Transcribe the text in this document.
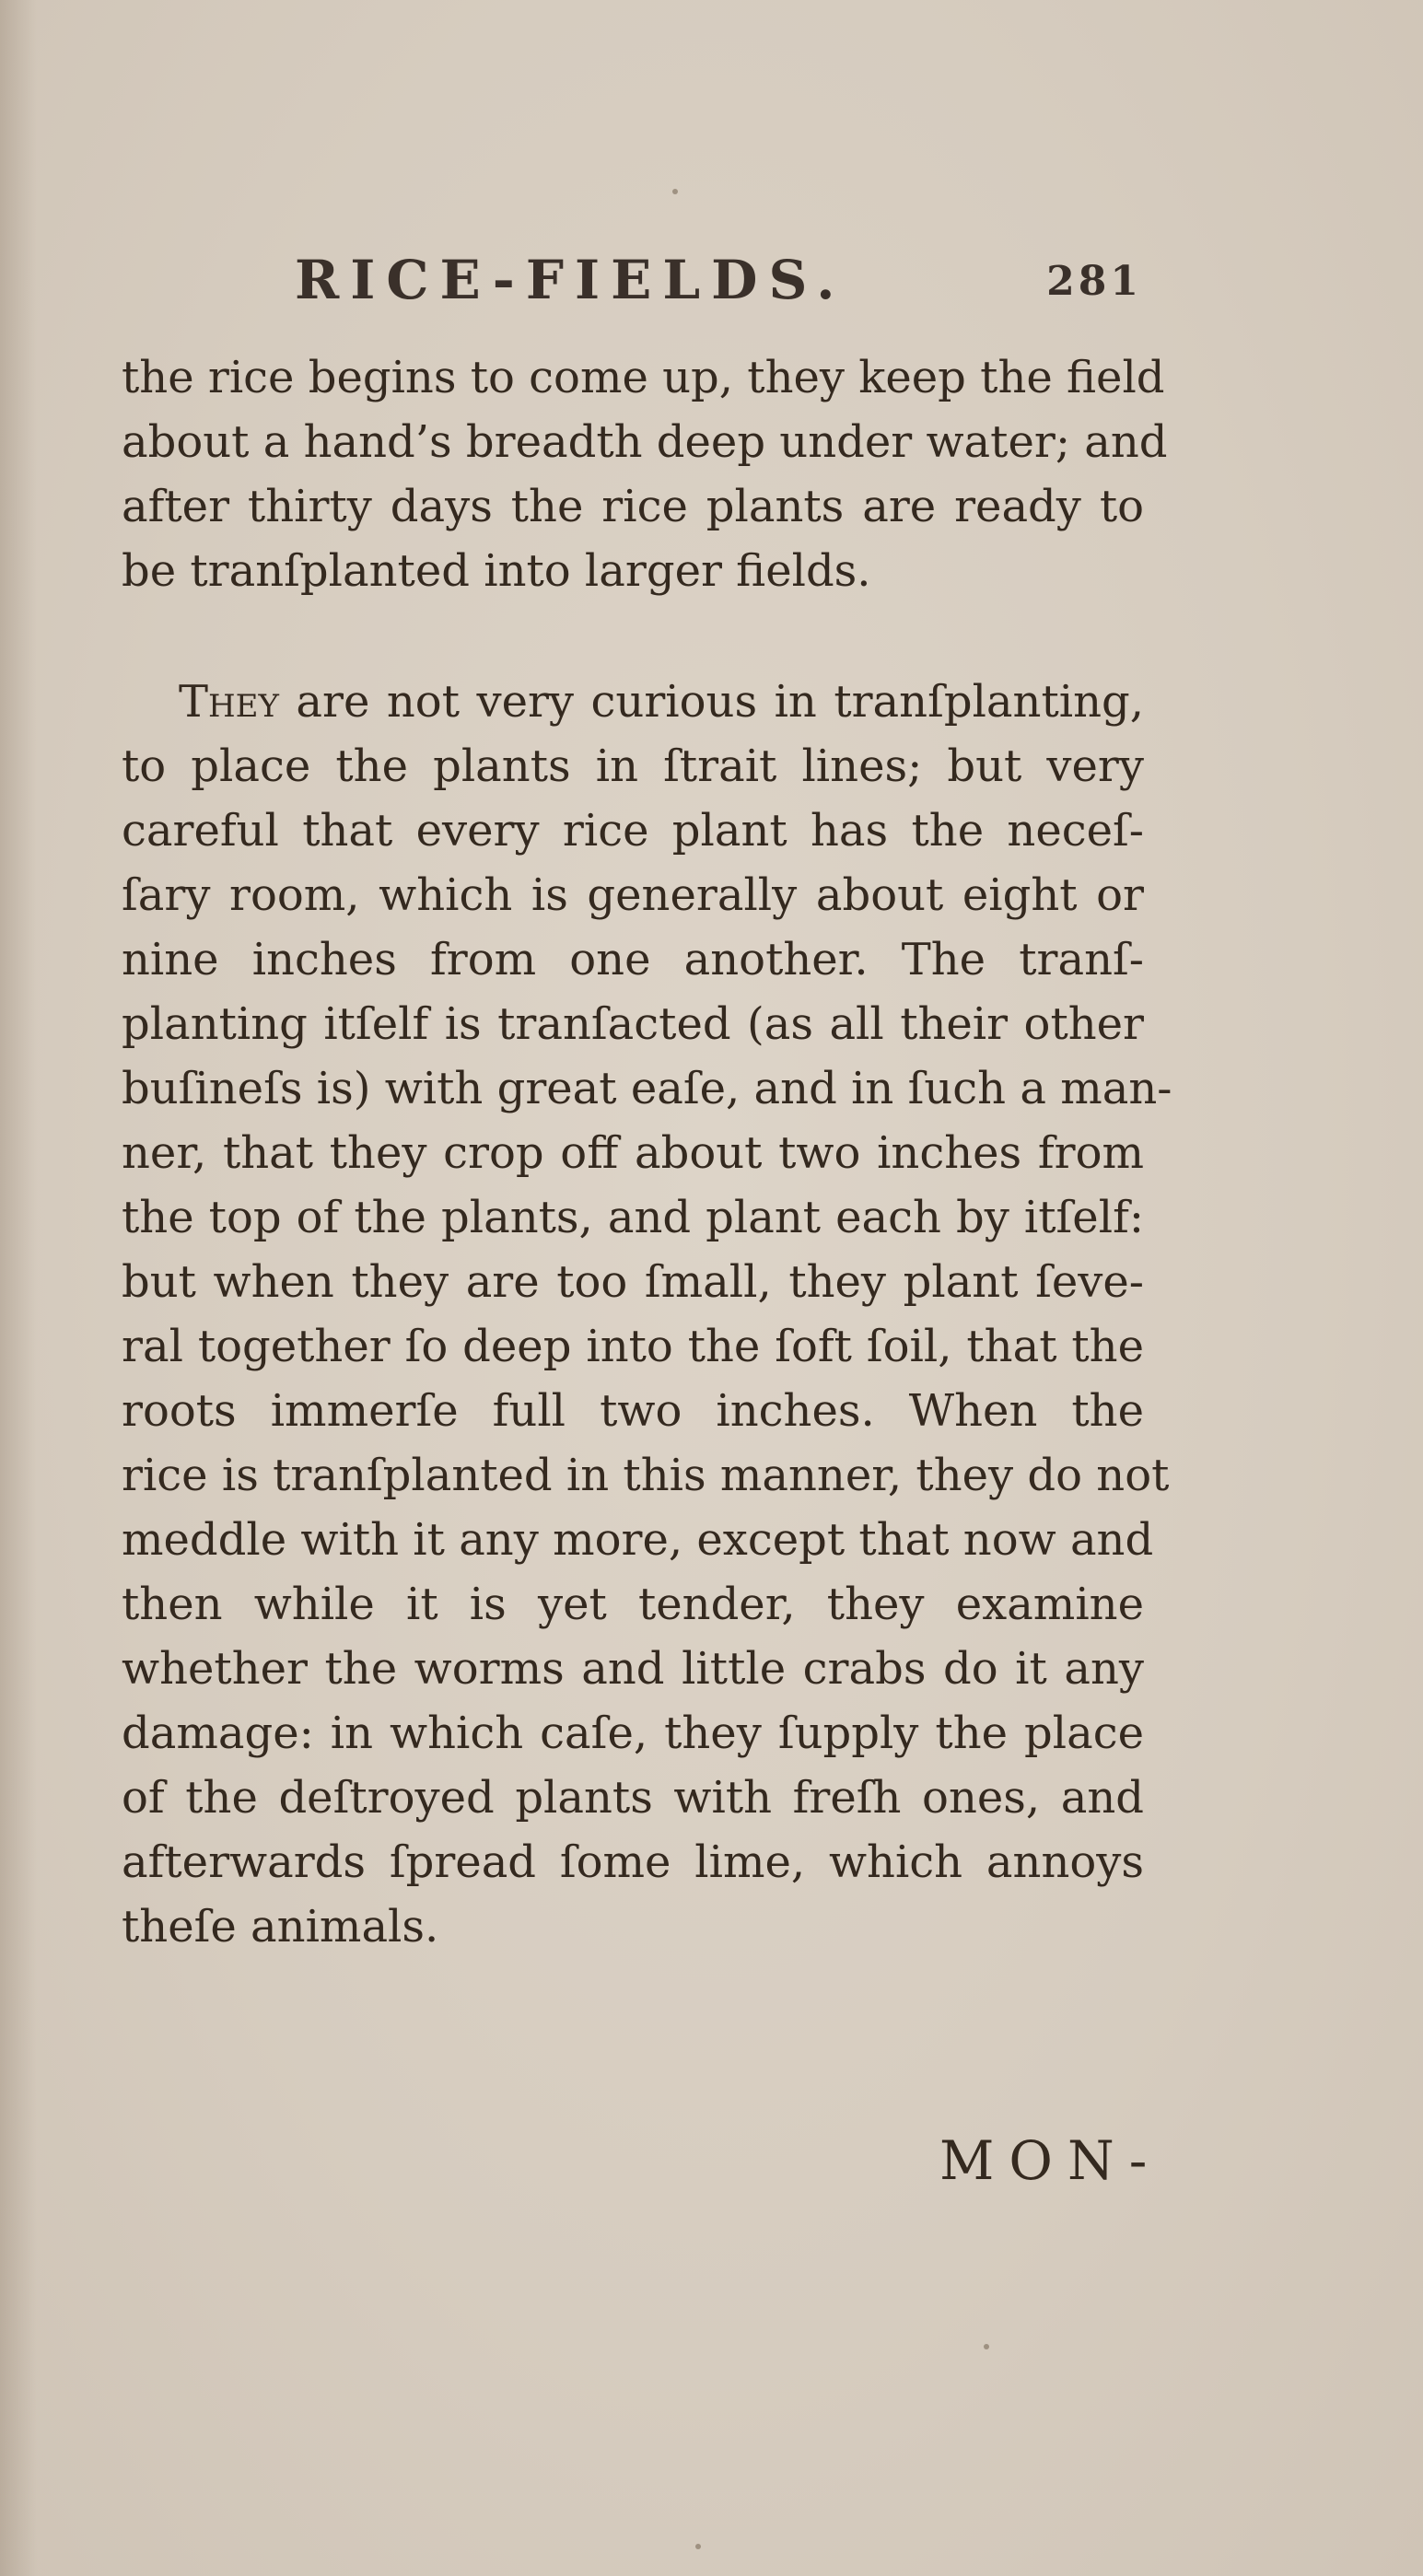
RICE-FIELDS.	281
the rice begins to come up, they keep the field
about a hand’s breadth deep under water; and
after thirty days the rice plants are ready to
be tranſplanted into larger fields.
They are not very curious in tranſplanting,
to place the plants in ſtrait lines; but very
careful that every rice plant has the neceſ-
ſary room, which is generally about eight or
nine inches from one another. The tranſ-
planting itſelf is tranſacted (as all their other
buſineſs is) with great eaſe, and in ſuch a man-
ner, that they crop off about two inches from
the top of the plants, and plant each by itſelf:
but when they are too ſmall, they plant ſeve-
ral together ſo deep into the ſoft ſoil, that the
roots immerſe full two inches. When the
rice is tranſplanted in this manner, they do not
meddle with it any more, except that now and
then while it is yet tender, they examine
whether the worms and little crabs do it any
damage: in which caſe, they ſupply the place
of the deſtroyed plants with freſh ones, and
afterwards ſpread ſome lime, which annoys
theſe animals.
MON-
